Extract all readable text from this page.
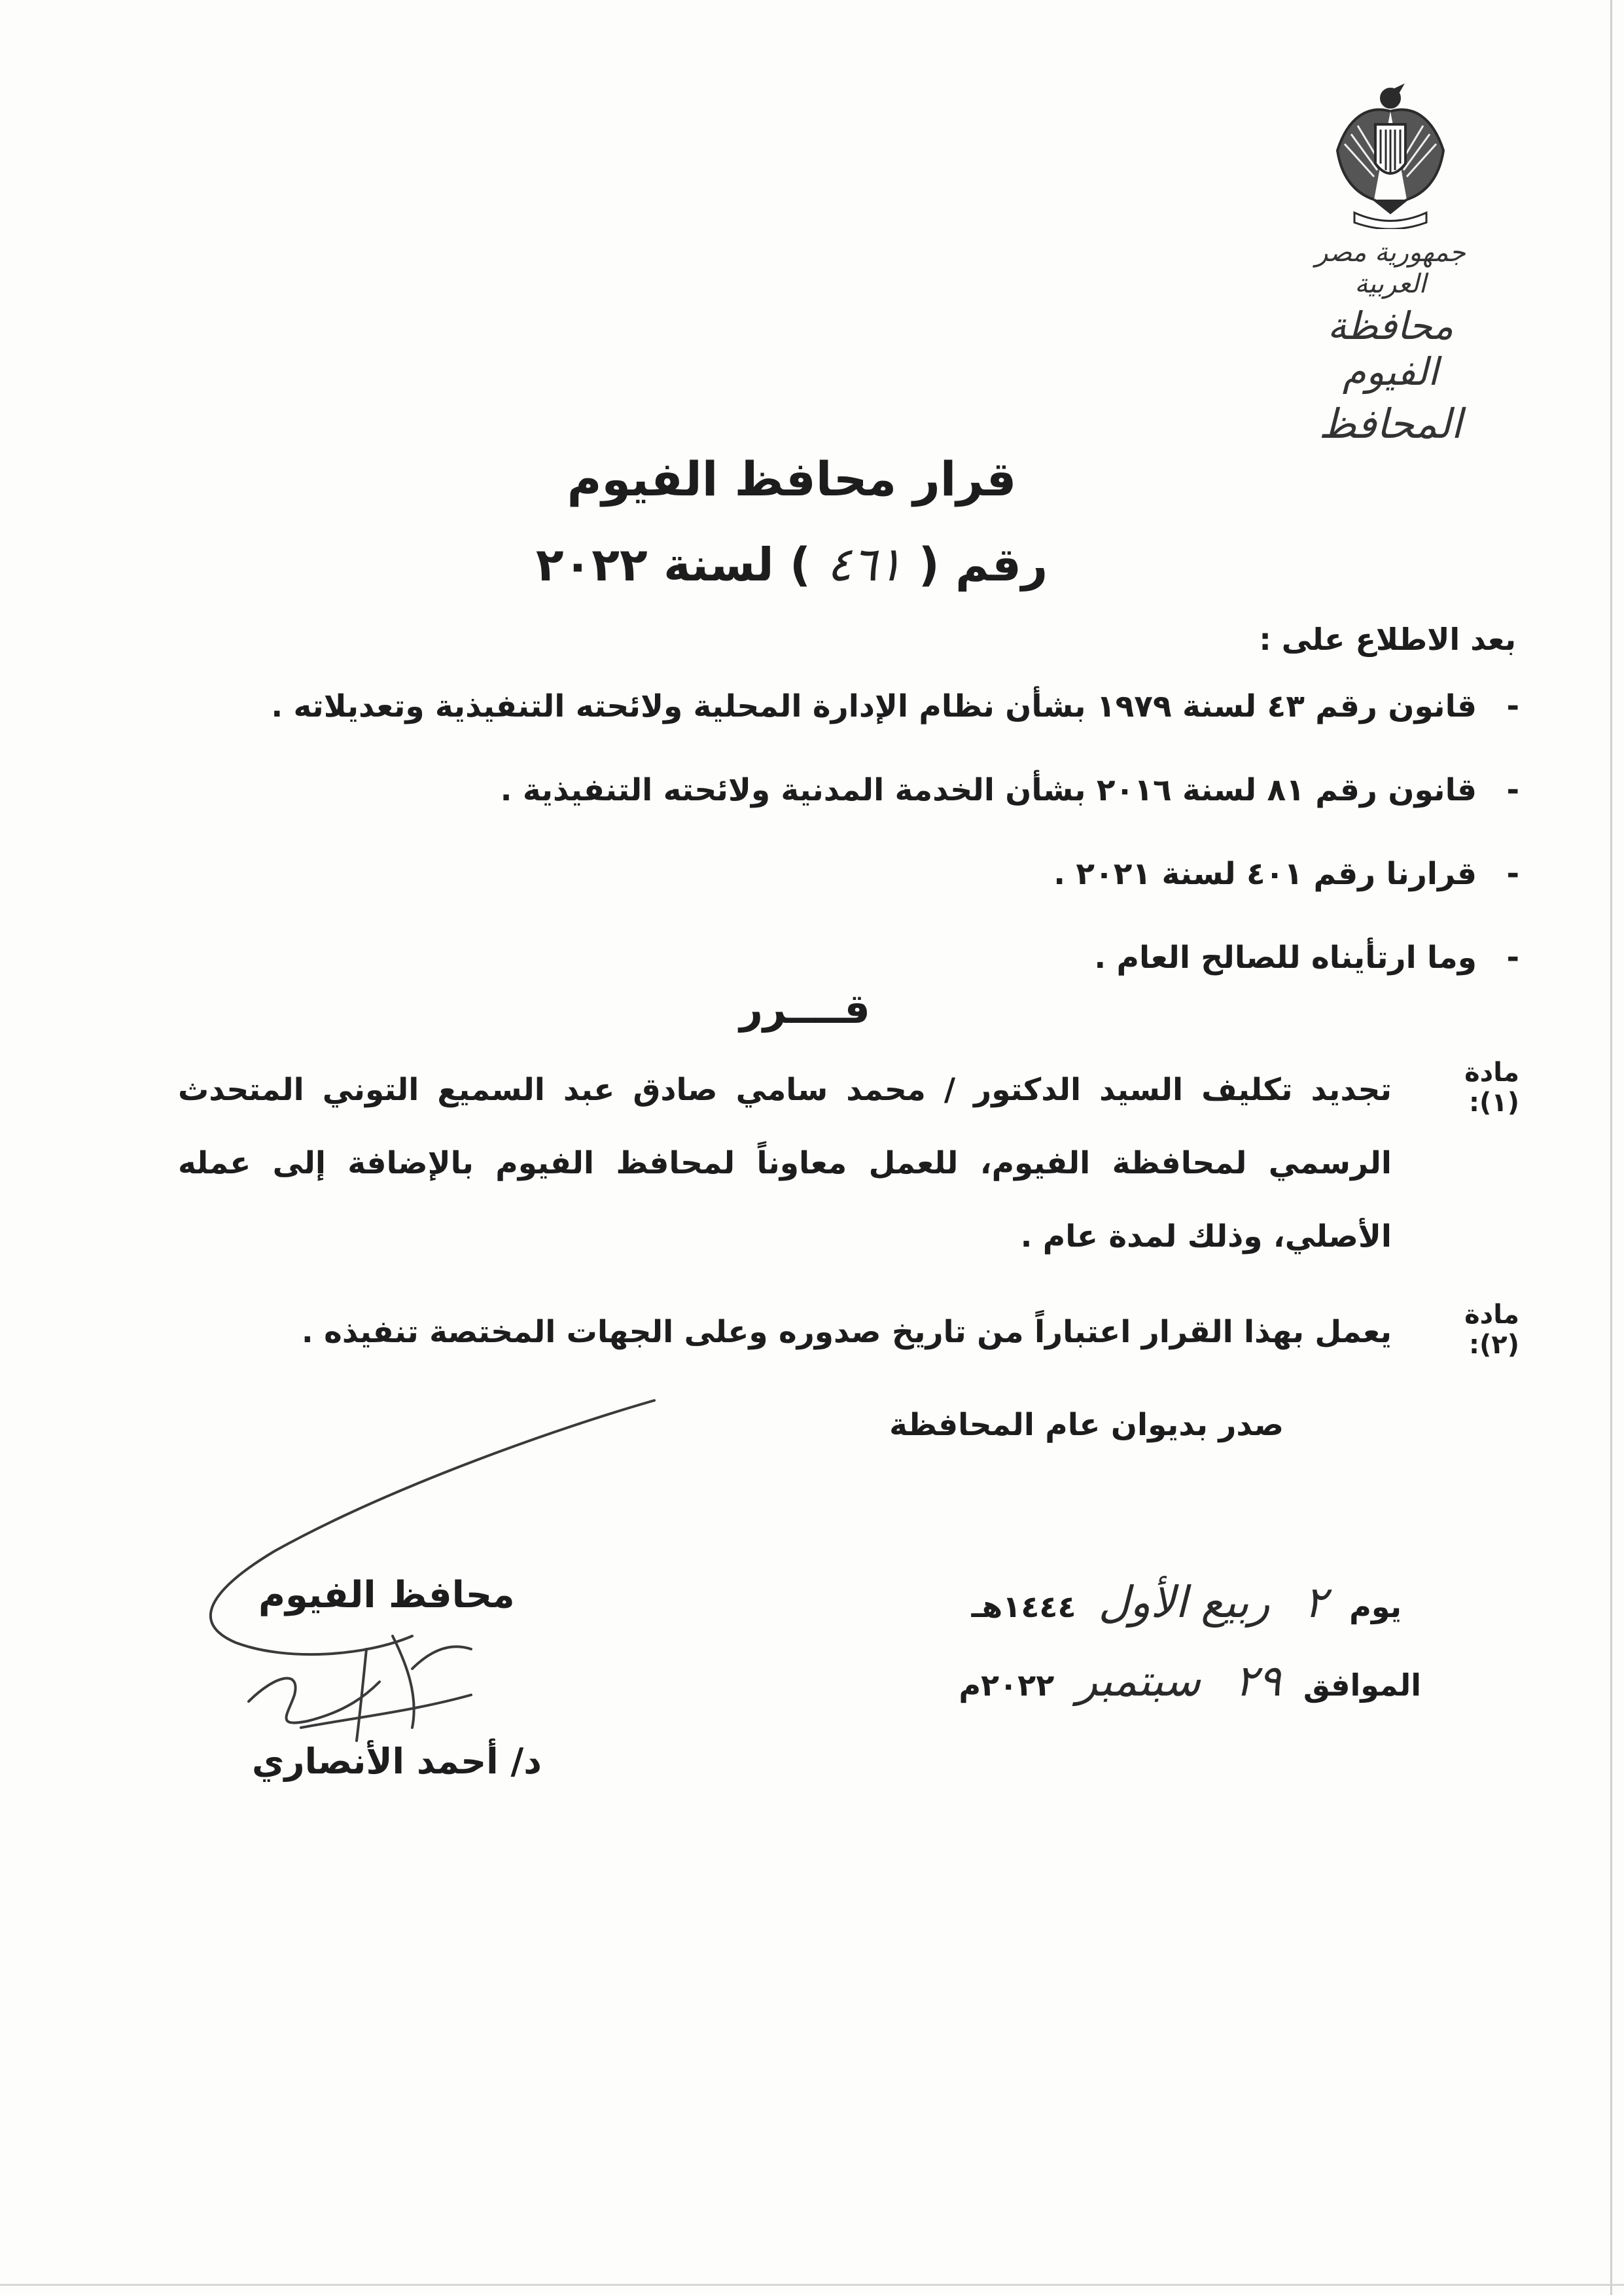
جمهورية مصر العربية
محافظة الفيوم
المحافظ
قرار محافظ الفيوم
رقم ( ٤٦١ ) لسنة ٢٠٢٢
بعد الاطلاع على :
-قانون رقم ٤٣ لسنة ١٩٧٩ بشأن نظام الإدارة المحلية ولائحته التنفيذية وتعديلاته .
-قانون رقم ٨١ لسنة ٢٠١٦ بشأن الخدمة المدنية ولائحته التنفيذية .
-قرارنا رقم ٤٠١ لسنة ٢٠٢١ .
-وما ارتأيناه للصالح العام .
قــــرر
مادة (١):
تجديد تكليف السيد الدكتور / محمد سامي صادق عبد السميع التوني المتحدث الرسمي لمحافظة الفيوم، للعمل معاوناً لمحافظ الفيوم بالإضافة إلى عمله الأصلي، وذلك لمدة عام .
مادة (٢):
يعمل بهذا القرار اعتباراً من تاريخ صدوره وعلى الجهات المختصة تنفيذه .
صدر بديوان عام المحافظة
يوم ٢ ربيع الأول ١٤٤٤هـ
الموافق ٢٩ سبتمبر ٢٠٢٢م
محافظ الفيوم
د/ أحمد الأنصاري
